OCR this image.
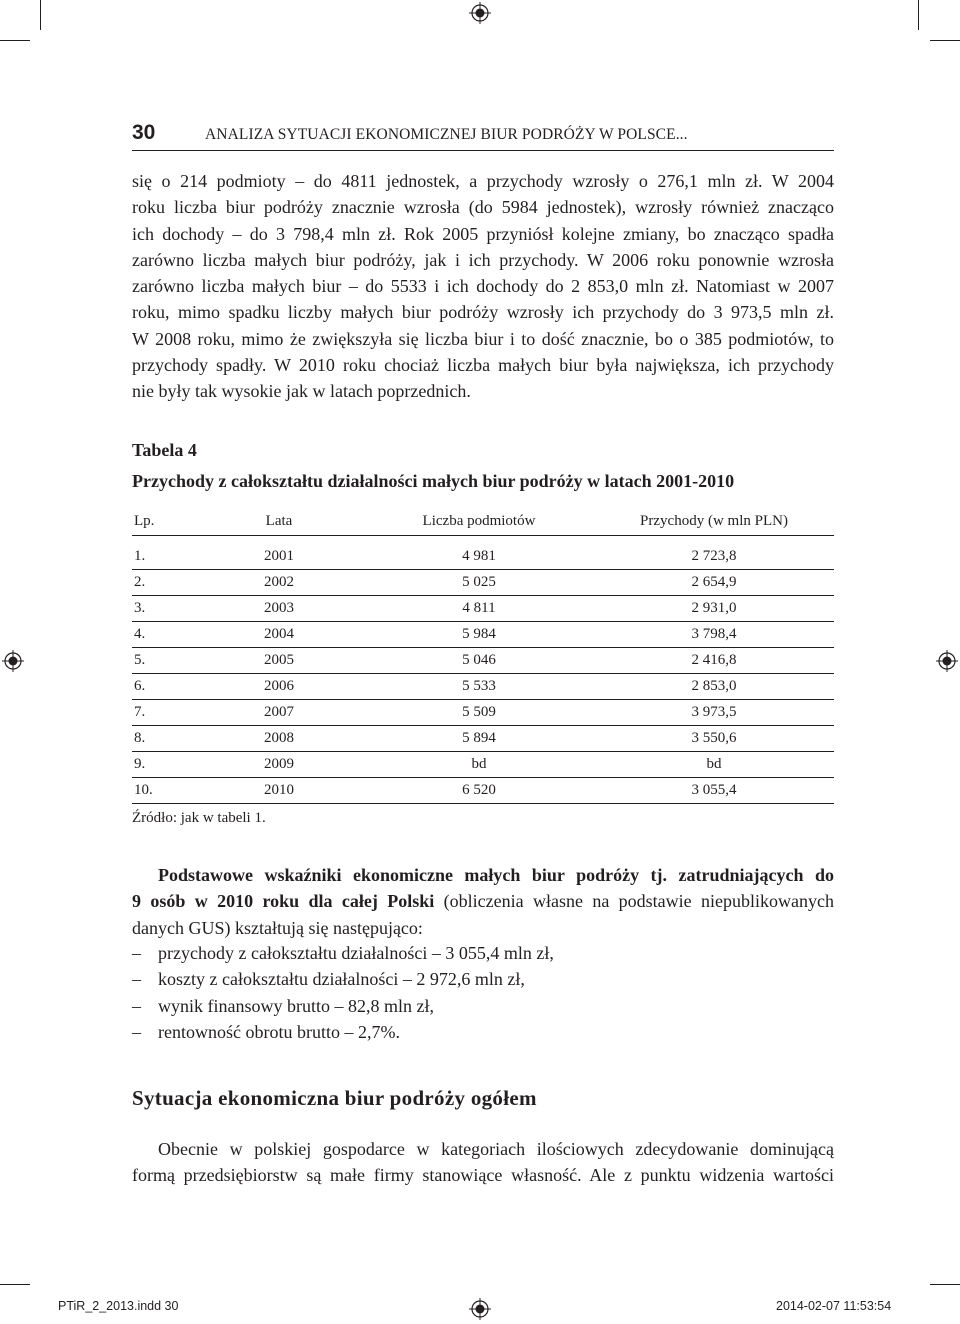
30	ANALIZA SYTUACJI EKONOMICZNEJ BIUR PODRÓŻY W POLSCE...

się o 214 podmioty – do 4811 jednostek, a przychody wzrosły o 276,1 mln zł. W 2004
roku liczba biur podróży znacznie wzrosła (do 5984 jednostek), wzrosły również znacząco
ich dochody – do 3 798,4 mln zł. Rok 2005 przyniósł kolejne zmiany, bo znacząco spadła
zarówno liczba małych biur podróży, jak i ich przychody. W 2006 roku ponownie wzrosła
zarówno liczba małych biur – do 5533 i ich dochody do 2 853,0 mln zł. Natomiast w 2007
roku, mimo spadku liczby małych biur podróży wzrosły ich przychody do 3 973,5 mln zł.
W 2008 roku, mimo że zwiększyła się liczba biur i to dość znacznie, bo o 385 podmiotów, to
przychody spadły. W 2010 roku chociaż liczba małych biur była największa, ich przychody
nie były tak wysokie jak w latach poprzednich.

Tabela 4
Przychody z całokształtu działalności małych biur podróży w latach 2001-2010
Lp.	Lata	Liczba podmiotów	Przychody (w mln PLN)

1.	2001	4 981	2 723,8
2.	2002	5 025	2 654,9
3.	2003	4 811	2 931,0
4.	2004	5 984	3 798,4
5.	2005	5 046	2 416,8
6.	2006	5 533	2 853,0
7.	2007	5 509	3 973,5
8.	2008	5 894	3 550,6
9.	2009	bd	bd
10.	2010	6 520	3 055,4
Źródło: jak w tabeli 1.

Podstawowe wskaźniki ekonomiczne małych biur podróży tj. zatrudniających do
9 osób w 2010 roku dla całej Polski (obliczenia własne na podstawie niepublikowanych
danych GUS) kształtują się następująco:

– przychody z całokształtu działalności – 3 055,4 mln zł,
– koszty z całokształtu działalności – 2 972,6 mln zł,
– wynik finansowy brutto – 82,8 mln zł,
– rentowność obrotu brutto – 2,7%.
Sytuacja ekonomiczna biur podróży ogółem

Obecnie w polskiej gospodarce w kategoriach ilościowych zdecydowanie dominującą
formą przedsiębiorstw są małe firmy stanowiące własność. Ale z punktu widzenia wartości

PTiR_2_2013.indd 30	2014-02-07 11:53:54
